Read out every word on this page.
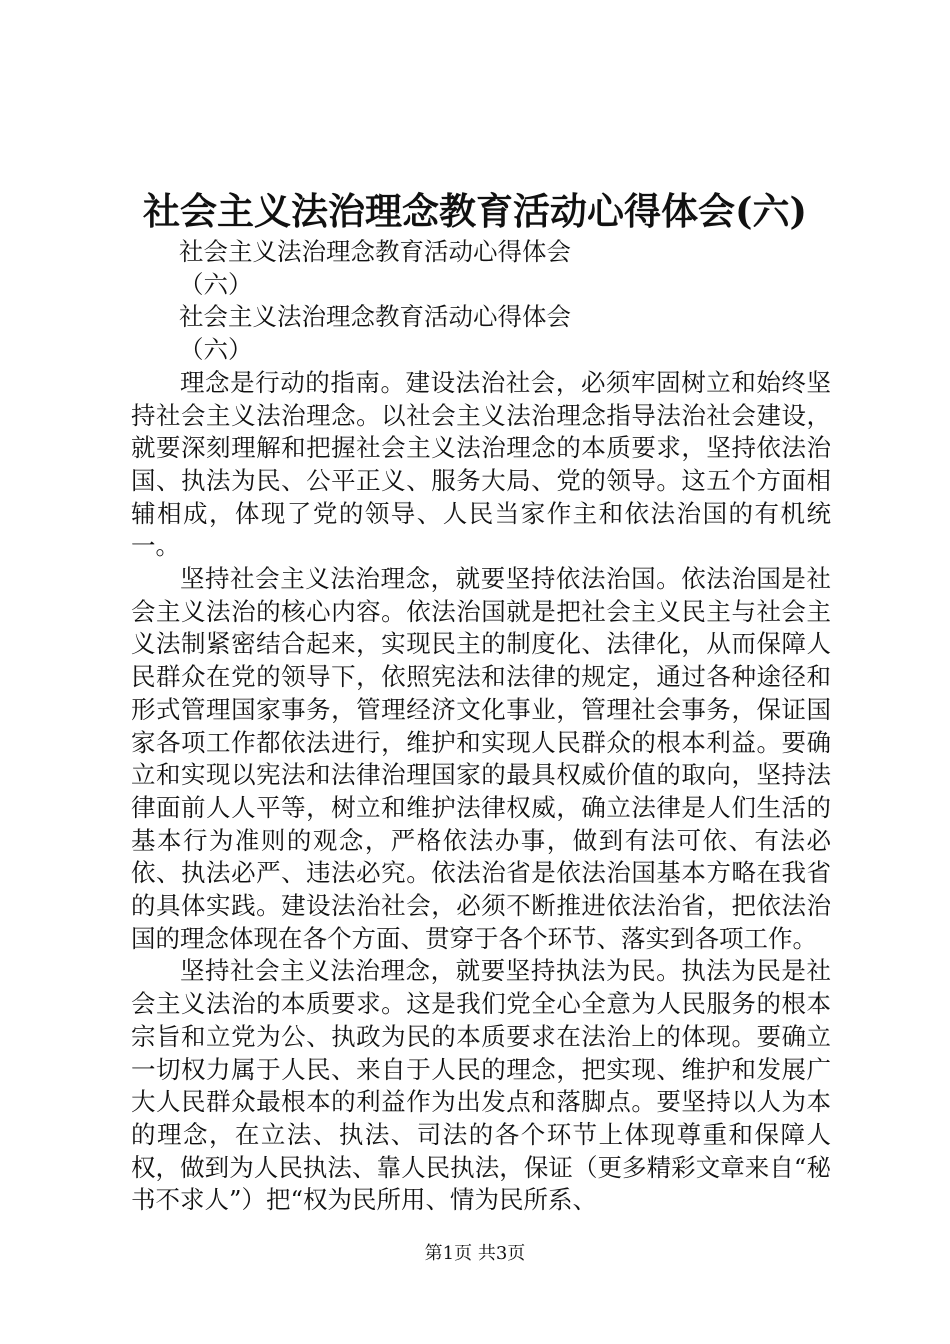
社会主义法治理念教育活动心得体会(六)

社会主义法治理念教育活动心得体会

（六）

社会主义法治理念教育活动心得体会

（六）

理念是行动的指南。建设法治社会，必须牢固树立和始终坚持社会主义法治理念。以社会主义法治理念指导法治社会建设，就要深刻理解和把握社会主义法治理念的本质要求，坚持依法治国、执法为民、公平正义、服务大局、党的领导。这五个方面相辅相成，体现了党的领导、人民当家作主和依法治国的有机统一。

坚持社会主义法治理念，就要坚持依法治国。依法治国是社会主义法治的核心内容。依法治国就是把社会主义民主与社会主义法制紧密结合起来，实现民主的制度化、法律化，从而保障人民群众在党的领导下，依照宪法和法律的规定，通过各种途径和形式管理国家事务，管理经济文化事业，管理社会事务，保证国家各项工作都依法进行，维护和实现人民群众的根本利益。要确立和实现以宪法和法律治理国家的最具权威价值的取向，坚持法律面前人人平等，树立和维护法律权威，确立法律是人们生活的基本行为准则的观念，严格依法办事，做到有法可依、有法必依、执法必严、违法必究。依法治省是依法治国基本方略在我省的具体实践。建设法治社会，必须不断推进依法治省，把依法治国的理念体现在各个方面、贯穿于各个环节、落实到各项工作。

坚持社会主义法治理念，就要坚持执法为民。执法为民是社会主义法治的本质要求。这是我们党全心全意为人民服务的根本宗旨和立党为公、执政为民的本质要求在法治上的体现。要确立一切权力属于人民、来自于人民的理念，把实现、维护和发展广大人民群众最根本的利益作为出发点和落脚点。要坚持以人为本的理念，在立法、执法、司法的各个环节上体现尊重和保障人权，做到为人民执法、靠人民执法，保证（更多精彩文章来自“秘书不求人”）把“权为民所用、情为民所系、

第1页 共3页
